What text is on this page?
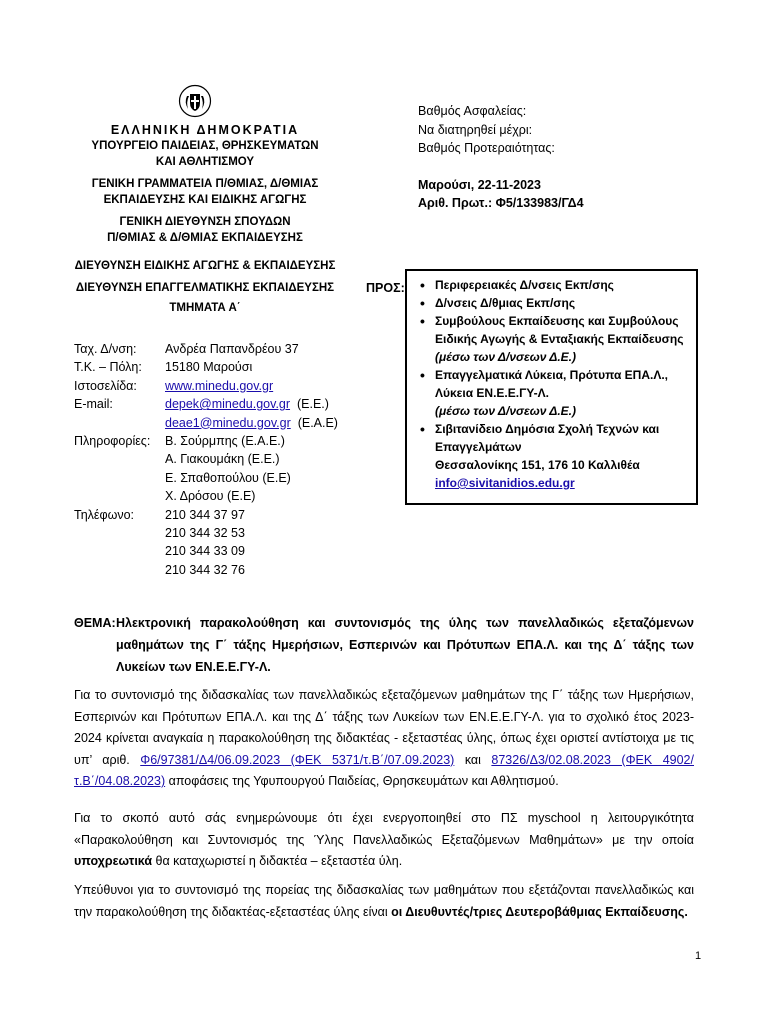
ΕΛΛΗΝΙΚΗ ΔΗΜΟΚΡΑΤΙΑ
ΥΠΟΥΡΓΕΙΟ ΠΑΙΔΕΙΑΣ, ΘΡΗΣΚΕΥΜΑΤΩΝ
ΚΑΙ ΑΘΛΗΤΙΣΜΟΥ
ΓΕΝΙΚΗ ΓΡΑΜΜΑΤΕΙΑ Π/ΘΜΙΑΣ, Δ/ΘΜΙΑΣ
ΕΚΠΑΙΔΕΥΣΗΣ ΚΑΙ ΕΙΔΙΚΗΣ ΑΓΩΓΗΣ
ΓΕΝΙΚΗ ΔΙΕΥΘΥΝΣΗ ΣΠΟΥΔΩΝ
Π/ΘΜΙΑΣ & Δ/ΘΜΙΑΣ ΕΚΠΑΙΔΕΥΣΗΣ
ΔΙΕΥΘΥΝΣΗ ΕΙΔΙΚΗΣ ΑΓΩΓΗΣ & ΕΚΠΑΙΔΕΥΣΗΣ
ΔΙΕΥΘΥΝΣΗ ΕΠΑΓΓΕΛΜΑΤΙΚΗΣ ΕΚΠΑΙΔΕΥΣΗΣ
ΤΜΗΜΑΤΑ Α΄
Βαθμός Ασφαλείας:
Να διατηρηθεί μέχρι:
Βαθμός Προτεραιότητας:
Μαρούσι, 22-11-2023
Αριθ. Πρωτ.: Φ5/133983/ΓΔ4
ΠΡΟΣ:	• Περιφερειακές Δ/νσεις Εκπ/σης
• Δ/νσεις Δ/θμιας Εκπ/σης
• Συμβούλους Εκπαίδευσης και Συμβούλους Ειδικής Αγωγής & Ενταξιακής Εκπαίδευσης
(μέσω των Δ/νσεων Δ.Ε.)
• Επαγγελματικά Λύκεια, Πρότυπα ΕΠΑ.Λ., Λύκεια ΕΝ.Ε.Ε.ΓΥ-Λ.
(μέσω των Δ/νσεων Δ.Ε.)
• Σιβιτανίδειο Δημόσια Σχολή Τεχνών και Επαγγελμάτων
Θεσσαλονίκης 151, 176 10 Καλλιθέα
info@sivitanidios.edu.gr
Ταχ. Δ/νση:	Ανδρέα Παπανδρέου 37
Τ.Κ. – Πόλη:	15180 Μαρούσι
Ιστοσελίδα:	www.minedu.gov.gr
E-mail:	depek@minedu.gov.gr (Ε.Ε.)
	deae1@minedu.gov.gr (Ε.Α.Ε)
Πληροφορίες:	Β. Σούρμπης (Ε.Α.Ε.)
	Α. Γιακουμάκη (Ε.Ε.)
	Ε. Σπαθοπούλου (Ε.Ε)
	Χ. Δρόσου (Ε.Ε)
Τηλέφωνο:	210 344 37 97
	210 344 32 53
	210 344 33 09
	210 344 32 76
ΘΕΜΑ: Ηλεκτρονική παρακολούθηση και συντονισμός της ύλης των πανελλαδικώς εξεταζόμενων μαθημάτων της Γ΄ τάξης Ημερήσιων, Εσπερινών και Πρότυπων ΕΠΑ.Λ. και της Δ΄ τάξης των Λυκείων των ΕΝ.Ε.Ε.ΓΥ-Λ.
Για το συντονισμό της διδασκαλίας των πανελλαδικώς εξεταζόμενων μαθημάτων της Γ΄ τάξης των Ημερήσιων, Εσπερινών και Πρότυπων ΕΠΑ.Λ. και της Δ΄ τάξης των Λυκείων των ΕΝ.Ε.Ε.ΓΥ-Λ. για το σχολικό έτος 2023-2024 κρίνεται αναγκαία η παρακολούθηση της διδακτέας - εξεταστέας ύλης, όπως έχει οριστεί αντίστοιχα με τις υπ’ αριθ. Φ6/97381/Δ4/06.09.2023 (ΦΕΚ 5371/τ.Β΄/07.09.2023) και 87326/Δ3/02.08.2023 (ΦΕΚ 4902/τ.Β΄/04.08.2023) αποφάσεις της Υφυπουργού Παιδείας, Θρησκευμάτων και Αθλητισμού.
Για το σκοπό αυτό σάς ενημερώνουμε ότι έχει ενεργοποιηθεί στο ΠΣ myschool η λειτουργικότητα «Παρακολούθηση και Συντονισμός της Ύλης Πανελλαδικώς Εξεταζόμενων Μαθημάτων» με την οποία υποχρεωτικά θα καταχωριστεί η διδακτέα – εξεταστέα ύλη.
Υπεύθυνοι για το συντονισμό της πορείας της διδασκαλίας των μαθημάτων που εξετάζονται πανελλαδικώς και την παρακολούθηση της διδακτέας-εξεταστέας ύλης είναι οι Διευθυντές/τριες Δευτεροβάθμιας Εκπαίδευσης.
1
